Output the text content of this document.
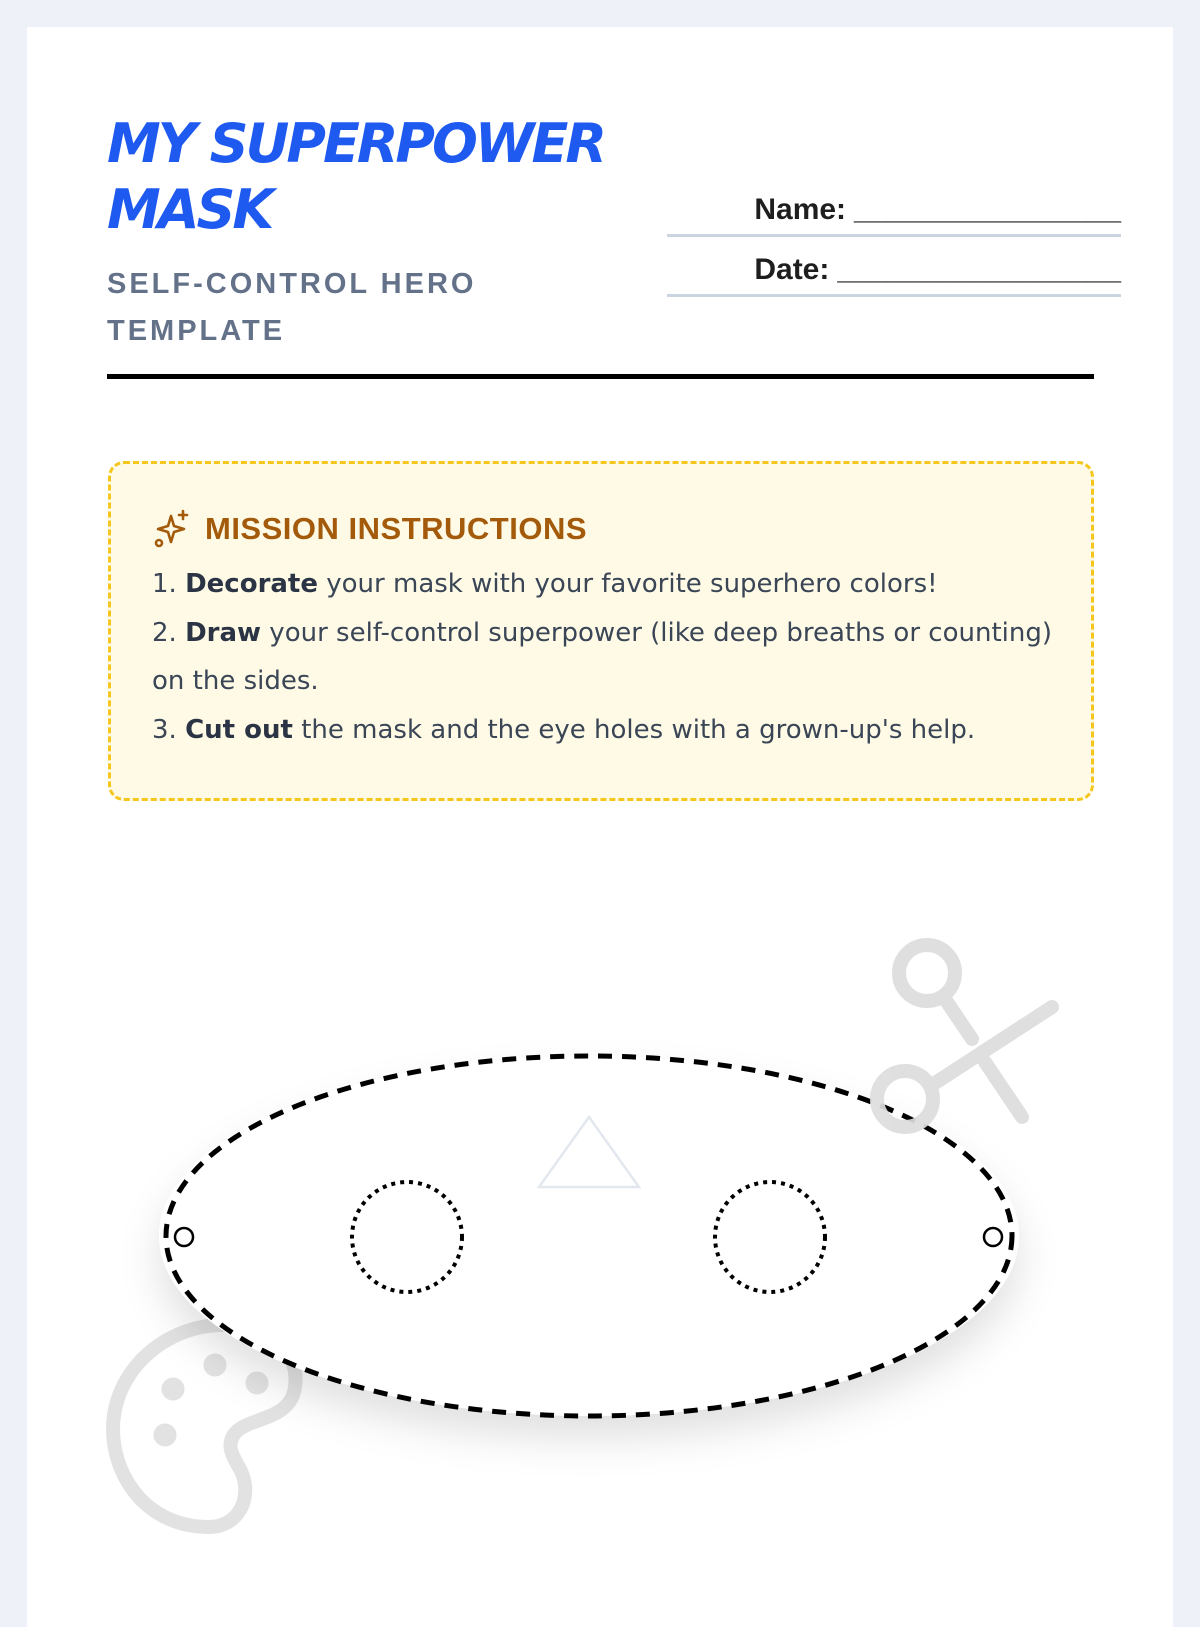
MY SUPERPOWER
MASK
SELF-CONTROL HERO
TEMPLATE
Name: ________________
Date: _________________
MISSION INSTRUCTIONS
1. Decorate your mask with your favorite superhero colors!
2. Draw your self-control superpower (like deep breaths or counting) on the sides.
3. Cut out the mask and the eye holes with a grown-up's help.
